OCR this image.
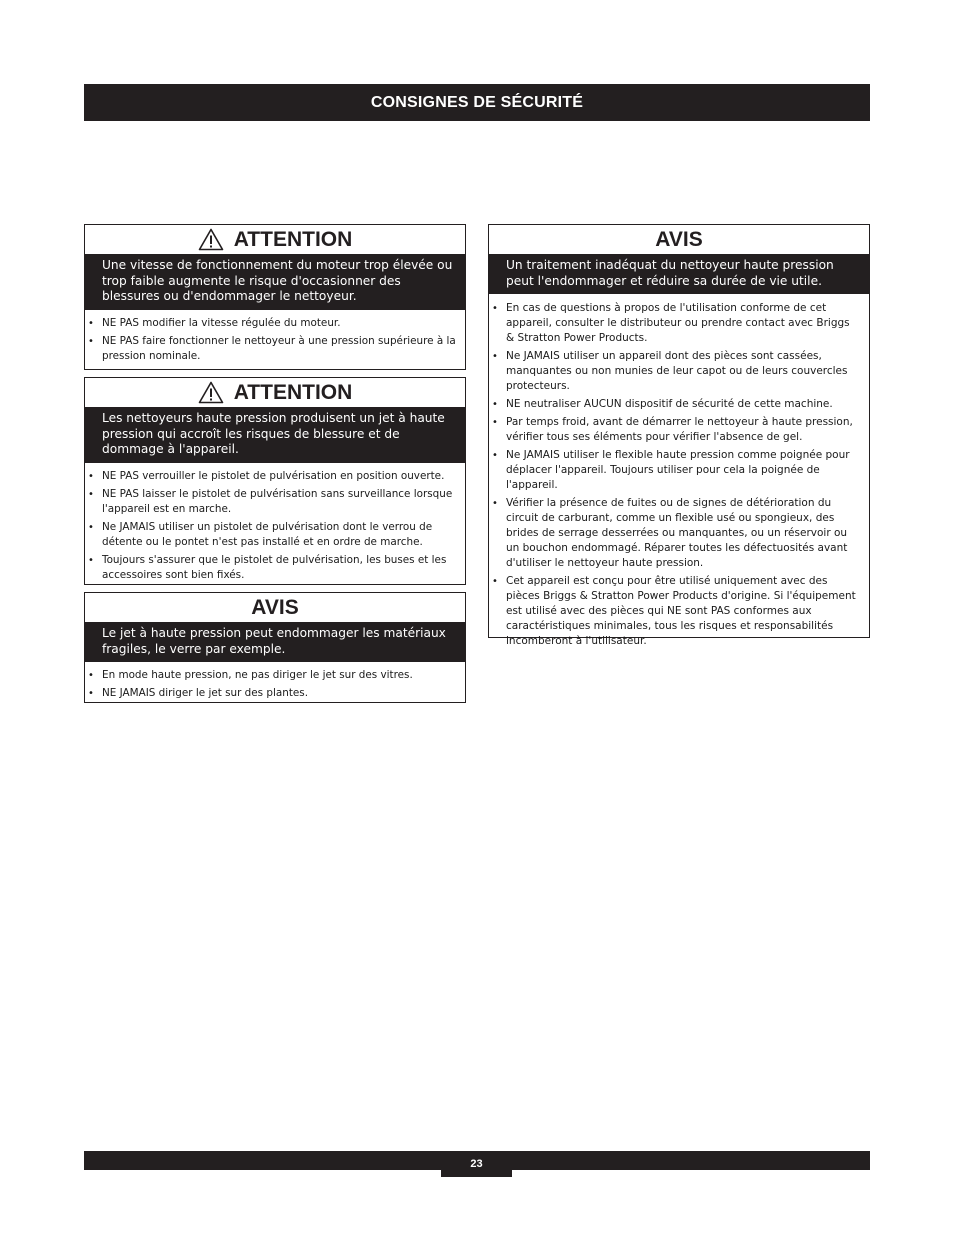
CONSIGNES DE SÉCURITÉ
ATTENTION
Une vitesse de fonctionnement du moteur trop élevée ou trop faible augmente le risque d'occasionner des blessures ou d'endommager le nettoyeur.
• NE PAS modifier la vitesse régulée du moteur.
• NE PAS faire fonctionner le nettoyeur à une pression supérieure à la pression nominale.
ATTENTION
Les nettoyeurs haute pression produisent un jet à haute pression qui accroît les risques de blessure et de dommage à l'appareil.
• NE PAS verrouiller le pistolet de pulvérisation en position ouverte.
• NE PAS laisser le pistolet de pulvérisation sans surveillance lorsque l'appareil est en marche.
• Ne JAMAIS utiliser un pistolet de pulvérisation dont le verrou de détente ou le pontet n'est pas installé et en ordre de marche.
• Toujours s'assurer que le pistolet de pulvérisation, les buses et les accessoires sont bien fixés.
AVIS
Le jet à haute pression peut endommager les matériaux fragiles, le verre par exemple.
• En mode haute pression, ne pas diriger le jet sur des vitres.
• NE JAMAIS diriger le jet sur des plantes.
AVIS
Un traitement inadéquat du nettoyeur haute pression peut l'endommager et réduire sa durée de vie utile.
• En cas de questions à propos de l'utilisation conforme de cet appareil, consulter le distributeur ou prendre contact avec Briggs & Stratton Power Products.
• Ne JAMAIS utiliser un appareil dont des pièces sont cassées, manquantes ou non munies de leur capot ou de leurs couvercles protecteurs.
• NE neutraliser AUCUN dispositif de sécurité de cette machine.
• Par temps froid, avant de démarrer le nettoyeur à haute pression, vérifier tous ses éléments pour vérifier l'absence de gel.
• Ne JAMAIS utiliser le flexible haute pression comme poignée pour déplacer l'appareil. Toujours utiliser pour cela la poignée de l'appareil.
• Vérifier la présence de fuites ou de signes de détérioration du circuit de carburant, comme un flexible usé ou spongieux, des brides de serrage desserrées ou manquantes, ou un réservoir ou un bouchon endommagé. Réparer toutes les défectuosités avant d'utiliser le nettoyeur haute pression.
• Cet appareil est conçu pour être utilisé uniquement avec des pièces Briggs & Stratton Power Products d'origine. Si l'équipement est utilisé avec des pièces qui NE sont PAS conformes aux caractéristiques minimales, tous les risques et responsabilités incomberont à l'utilisateur.
23
